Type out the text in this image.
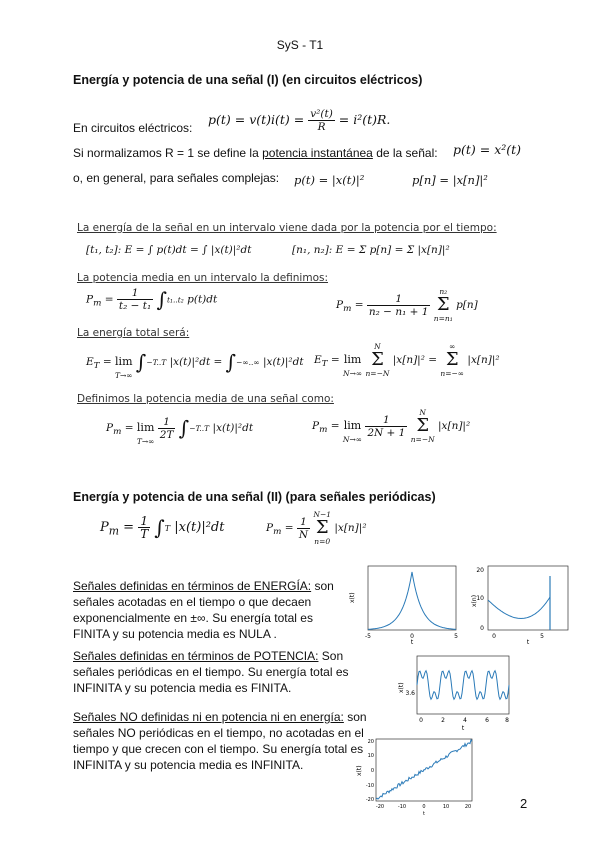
SyS - T1
Energía y potencia de una señal (I) (en circuitos eléctricos)
En circuitos eléctricos:
$p(t) = v(t)i(t) = \frac{\text{v²(t)}}{R} = i^2(t)R$.
Si normalizamos R = 1 se define la potencia instantánea de la señal: p(t) = x²(t)
o, en general, para señales complejas: p(t) = |x(t)|²	p[n] = |x[n]|²
La energía de la señal en un intervalo viene dada por la potencia por el tiempo:
[t₁, t₂]: E = ∫ p(t)dt = ∫ |x(t)|²dt	[n₁, n₂]: E = Σ p[n] = Σ |x[n]|²
La potencia media en un intervalo la definimos:
$P_m = \frac{1}{\text{t₂ − t₁}} \int t_1..t_2$ p(t)dt	$P_m = \frac{1}{\text{n₂ − n₁ + 1}}$

n₂
Σ
n=n₁
p[n]
La energía total será:
$E_T$ =
lim
T→∞
∫−T..T |x(t)|²dt = ∫−∞..∞ |x(t)|²dt $E_T$ =
lim
N→∞

N
Σ
n=−N
|x[n]|² =
∞
Σ
n=−∞
|x[n]|²
Definimos la potencia media de una señal como:
$P_m$ =
lim
T→∞

$\frac{1}{2T} \int-T..T$ |x(t)|²dt	$P_m$ =
lim
N→∞

$\frac{1}{2N + 1}$

N
Σ
n=−N
|x[n]|²
Energía y potencia de una señal (II) (para señales periódicas)
$P_m = \frac{1}{T} \int T$ |x(t)|²dt	$P_m = \frac{1}{N}$

N−1
Σ
n=0
|x[n]|²
Señales definidas en términos de ENERGÍA: son señales acotadas en el tiempo o que decaen exponencialmente en ±∞. Su energía total es FINITA y su potencia media es NULA .
Señales definidas en términos de POTENCIA: Son señales periódicas en el tiempo. Su energía total es INFINITA y su potencia media es FINITA.
Señales NO definidas ni en potencia ni en energía: son señales NO periódicas en el tiempo, no acotadas en el tiempo y que crecen con el tiempo. Su energía total es INFINITA y su potencia media es INFINITA.
x(t)
-5	0	5
t
0
10
20
x(n)
0	5
t
x(t)
3.6
0	2	4	6	8
t
x(t)
20
10
0
-10
-20
-20	-10	0	10	20
t
2
